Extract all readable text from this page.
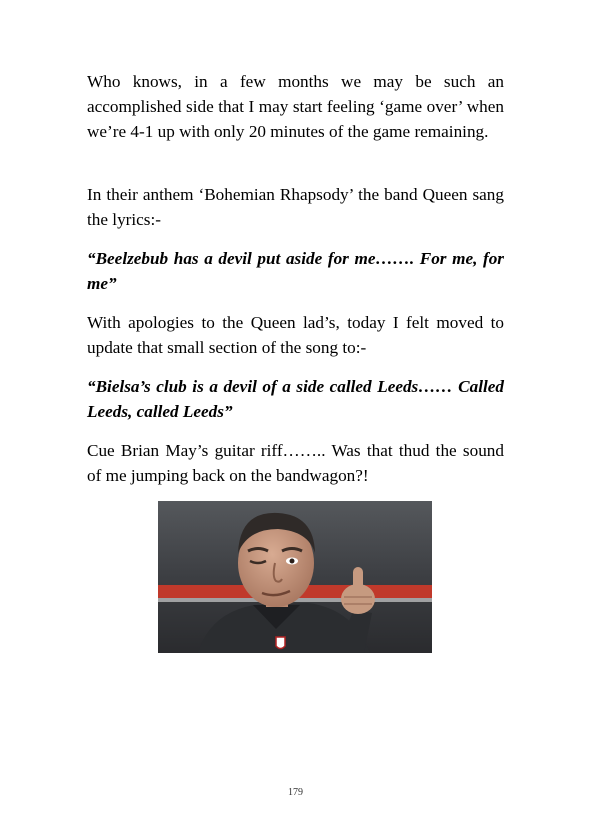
Who knows, in a few months we may be such an accomplished side that I may start feeling ‘game over’ when we’re 4-1 up with only 20 minutes of the game remaining.

In their anthem ‘Bohemian Rhapsody’ the band Queen sang the lyrics:-

“Beelzebub has a devil put aside for me……. For me, for me”

With apologies to the Queen lad’s, today I felt moved to update that small section of the song to:-

“Bielsa’s club is a devil of a side called Leeds…… Called Leeds, called Leeds”

Cue Brian May’s guitar riff…….. Was that thud the sound of me jumping back on the bandwagon?!

179
